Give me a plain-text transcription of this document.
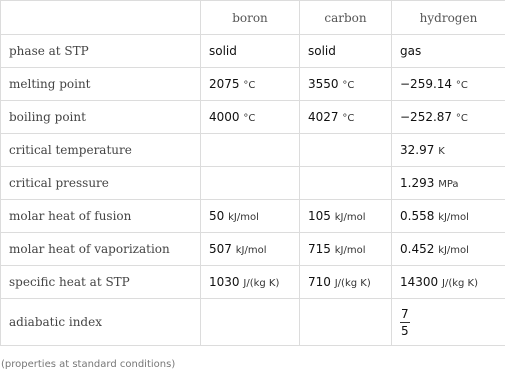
	boron	carbon	hydrogen
phase at STP	solid	solid	gas
melting point	2075 °C	3550 °C	−259.14 °C
boiling point	4000 °C	4027 °C	−252.87 °C
critical temperature			32.97 K
critical pressure			1.293 MPa
molar heat of fusion	50 kJ/mol	105 kJ/mol	0.558 kJ/mol
molar heat of vaporization	507 kJ/mol	715 kJ/mol	0.452 kJ/mol
specific heat at STP	1030 J/(kg K)	710 J/(kg K)	14300 J/(kg K)
adiabatic index			$\frac{7}{5}$
(properties at standard conditions)
